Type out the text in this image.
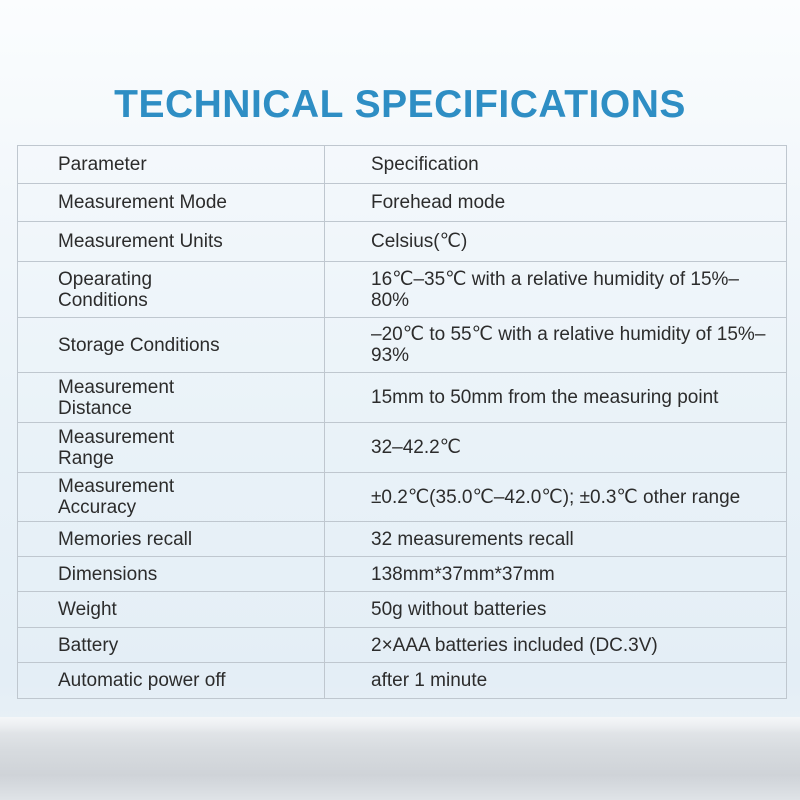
TECHNICAL SPECIFICATIONS
Parameter	Specification
Measurement Mode	Forehead mode
Measurement Units	Celsius(℃)

Opearating Conditions	16℃–35℃ with a relative humidity of 15%–80%

Storage Conditions	–20℃ to 55℃ with a relative humidity of 15%–93%

Measurement Distance	15mm to 50mm from the measuring point

Measurement Range	32–42.2℃

Measurement Accuracy	±0.2℃(35.0℃–42.0℃); ±0.3℃ other range
Memories recall	32 measurements recall
Dimensions	138mm*37mm*37mm
Weight	50g without batteries
Battery	2×AAA batteries included (DC.3V)
Automatic power off	after 1 minute
